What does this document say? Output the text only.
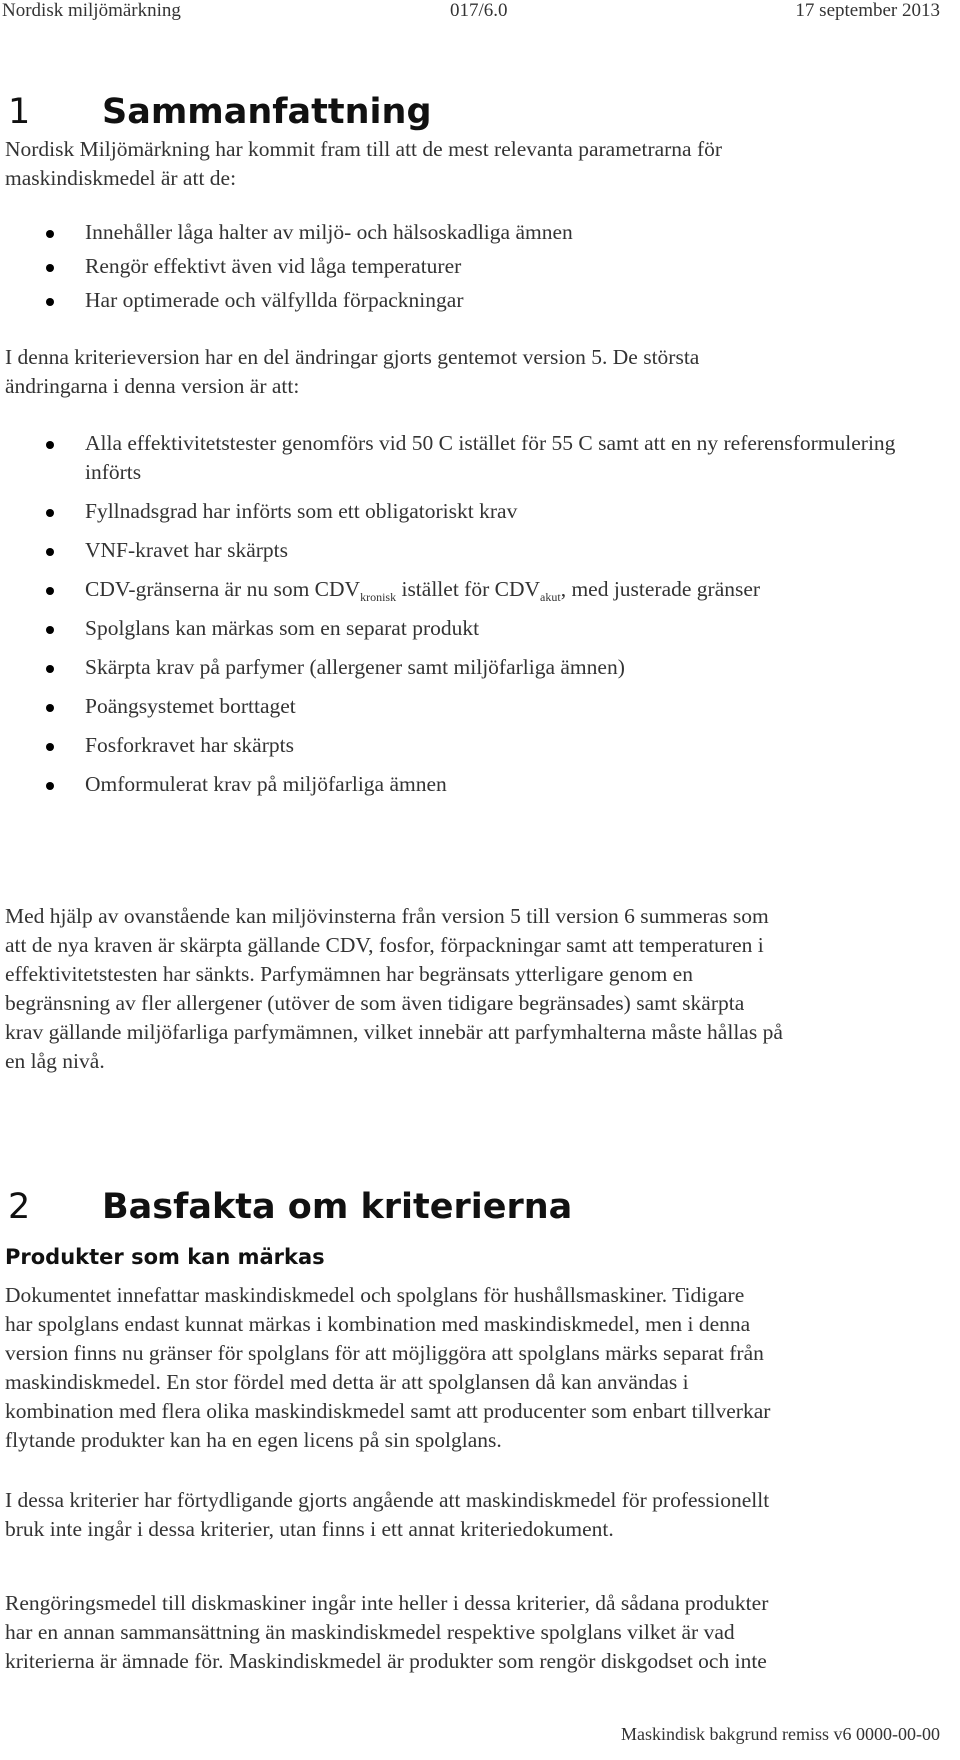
Nordisk miljömärkning	017/6.0	17 september 2013
1 Sammanfattning

Nordisk Miljömärkning har kommit fram till att de mest relevanta parametrarna för

maskindiskmedel är att de:

Innehåller låga halter av miljö- och hälsoskadliga ämnen
Rengör effektivt även vid låga temperaturer
Har optimerade och välfyllda förpackningar

I denna kriterieversion har en del ändringar gjorts gentemot version 5. De största

ändringarna i denna version är att:

Alla effektivitetstester genomförs vid 50 C istället för 55 C samt att en ny referensformulering införts
Fyllnadsgrad har införts som ett obligatoriskt krav
VNF-kravet har skärpts
CDV-gränserna är nu som $CDV_{kronisk}$ istället för $CDV_{akut}$, med justerade gränser
Spolglans kan märkas som en separat produkt
Skärpta krav på parfymer (allergener samt miljöfarliga ämnen)
Poängsystemet borttaget
Fosforkravet har skärpts
Omformulerat krav på miljöfarliga ämnen

Med hjälp av ovanstående kan miljövinsterna från version 5 till version 6 summeras som

att de nya kraven är skärpta gällande CDV, fosfor, förpackningar samt att temperaturen i

effektivitetstesten har sänkts. Parfymämnen har begränsats ytterligare genom en

begränsning av fler allergener (utöver de som även tidigare begränsades) samt skärpta

krav gällande miljöfarliga parfymämnen, vilket innebär att parfymhalterna måste hållas på

en låg nivå.

2 Basfakta om kriterierna
Produkter som kan märkas

Dokumentet innefattar maskindiskmedel och spolglans för hushållsmaskiner. Tidigare

har spolglans endast kunnat märkas i kombination med maskindiskmedel, men i denna

version finns nu gränser för spolglans för att möjliggöra att spolglans märks separat från

maskindiskmedel. En stor fördel med detta är att spolglansen då kan användas i

kombination med flera olika maskindiskmedel samt att producenter som enbart tillverkar

flytande produkter kan ha en egen licens på sin spolglans.

I dessa kriterier har förtydligande gjorts angående att maskindiskmedel för professionellt

bruk inte ingår i dessa kriterier, utan finns i ett annat kriteriedokument.

Rengöringsmedel till diskmaskiner ingår inte heller i dessa kriterier, då sådana produkter

har en annan sammansättning än maskindiskmedel respektive spolglans vilket är vad

kriterierna är ämnade för. Maskindiskmedel är produkter som rengör diskgodset och inte

Maskindisk bakgrund remiss v6 0000-00-00
